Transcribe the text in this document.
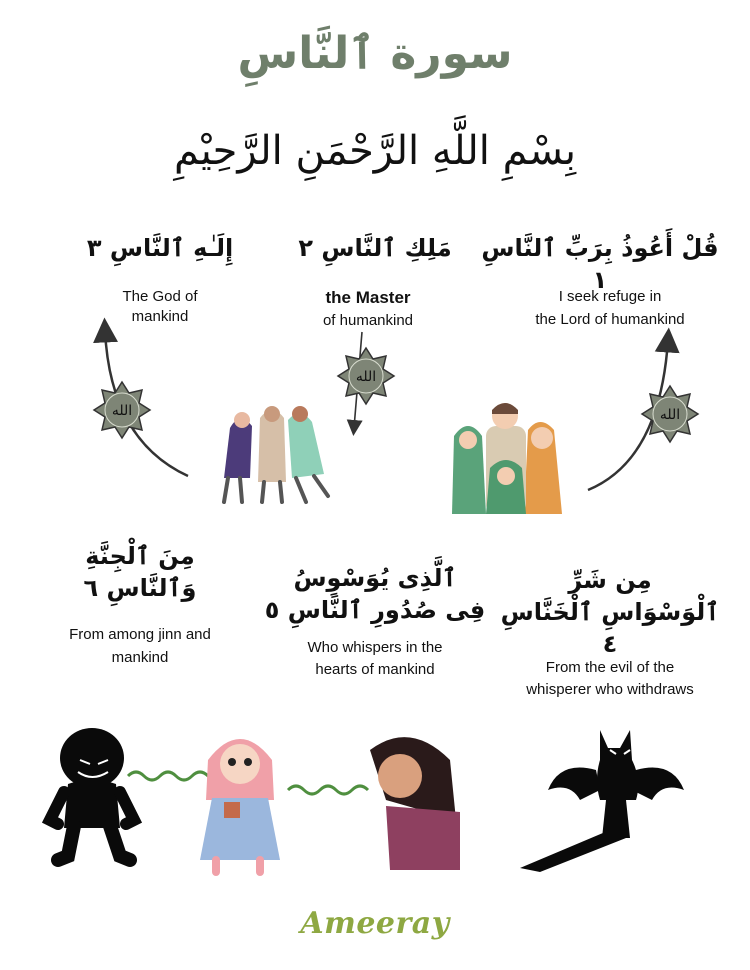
سورة ٱلنَّاسِ
بِسْمِ اللَّهِ الرَّحْمَنِ الرَّحِيْمِ
قُلْ أَعُوذُ بِرَبِّ ٱلنَّاسِ ١
مَلِكِ ٱلنَّاسِ ٢
إِلَـٰهِ ٱلنَّاسِ ٣
I seek refuge in
the Lord of humankind
the Master
of humankind
The God of
mankind
الله
الله
الله
مِن شَرِّ
ٱلْوَسْوَاسِ ٱلْخَنَّاسِ ٤
From the evil of the
whisperer who withdraws
ٱلَّذِى يُوَسْوِسُ
فِى صُدُورِ ٱلنَّاسِ ٥
Who whispers in the
hearts of mankind
مِنَ ٱلْجِنَّةِ
وَٱلنَّاسِ ٦
From among jinn and
mankind
Ameeray
